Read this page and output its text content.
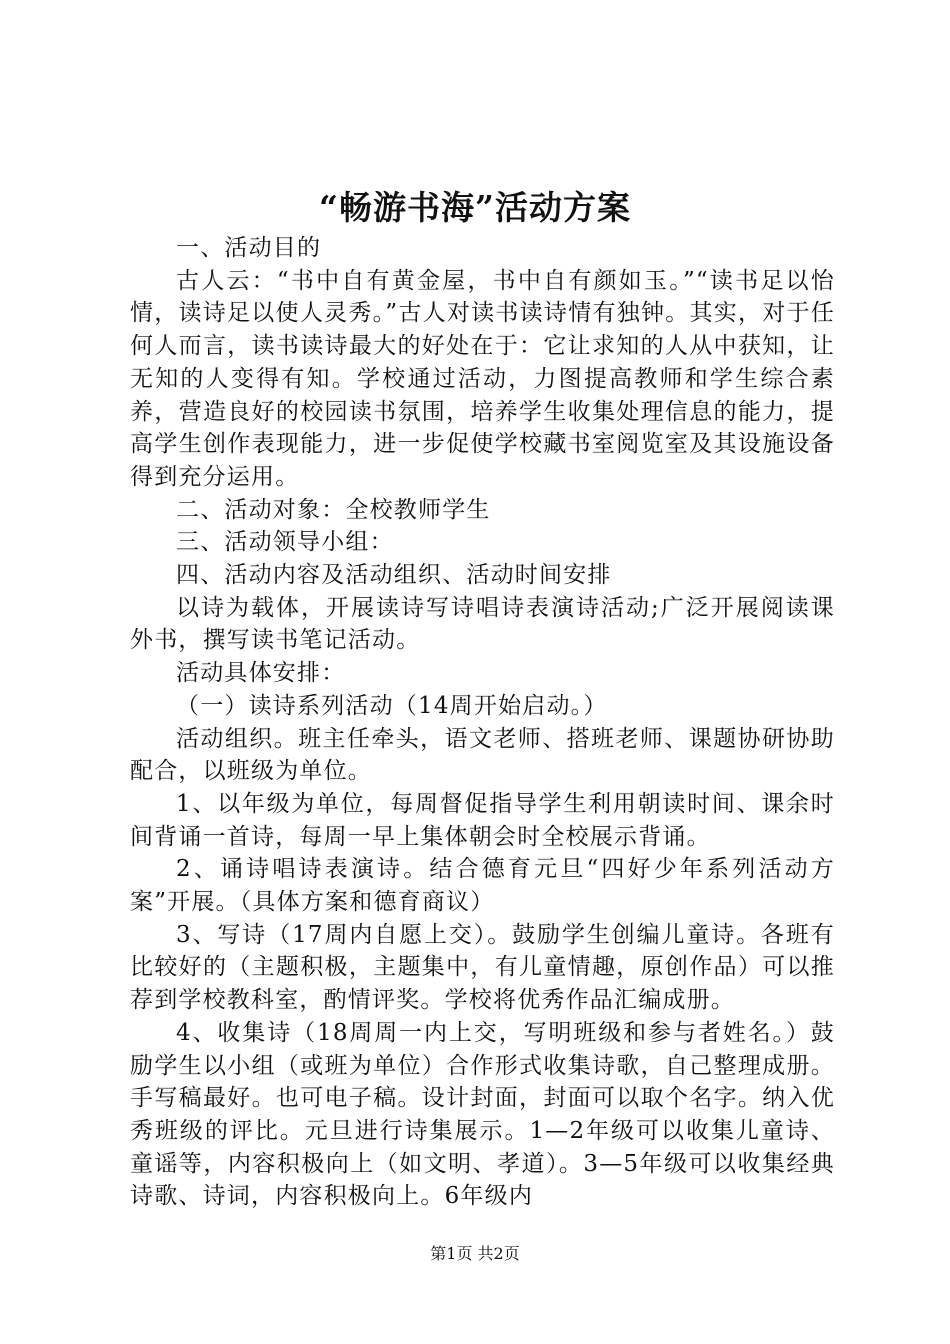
“畅游书海”活动方案

一、活动目的

古人云：“书中自有黄金屋，书中自有颜如玉。”“读书足以怡情，读诗足以使人灵秀。”古人对读书读诗情有独钟。其实，对于任何人而言，读书读诗最大的好处在于：它让求知的人从中获知，让无知的人变得有知。学校通过活动，力图提高教师和学生综合素养，营造良好的校园读书氛围，培养学生收集处理信息的能力，提高学生创作表现能力，进一步促使学校藏书室阅览室及其设施设备得到充分运用。

二、活动对象：全校教师学生

三、活动领导小组：

四、活动内容及活动组织、活动时间安排

以诗为载体，开展读诗写诗唱诗表演诗活动;广泛开展阅读课外书，撰写读书笔记活动。

活动具体安排：

（一）读诗系列活动（14周开始启动。）

活动组织。班主任牵头，语文老师、搭班老师、课题协研协助配合，以班级为单位。

1、以年级为单位，每周督促指导学生利用朝读时间、课余时间背诵一首诗，每周一早上集体朝会时全校展示背诵。

2、诵诗唱诗表演诗。结合德育元旦“四好少年系列活动方案”开展。（具体方案和德育商议）

3、写诗（17周内自愿上交）。鼓励学生创编儿童诗。各班有比较好的（主题积极，主题集中，有儿童情趣，原创作品）可以推荐到学校教科室，酌情评奖。学校将优秀作品汇编成册。

4、收集诗（18周周一内上交，写明班级和参与者姓名。）鼓励学生以小组（或班为单位）合作形式收集诗歌，自己整理成册。手写稿最好。也可电子稿。设计封面，封面可以取个名字。纳入优秀班级的评比。元旦进行诗集展示。1—2年级可以收集儿童诗、童谣等，内容积极向上（如文明、孝道）。3—5年级可以收集经典诗歌、诗词，内容积极向上。6年级内

第1页 共2页
